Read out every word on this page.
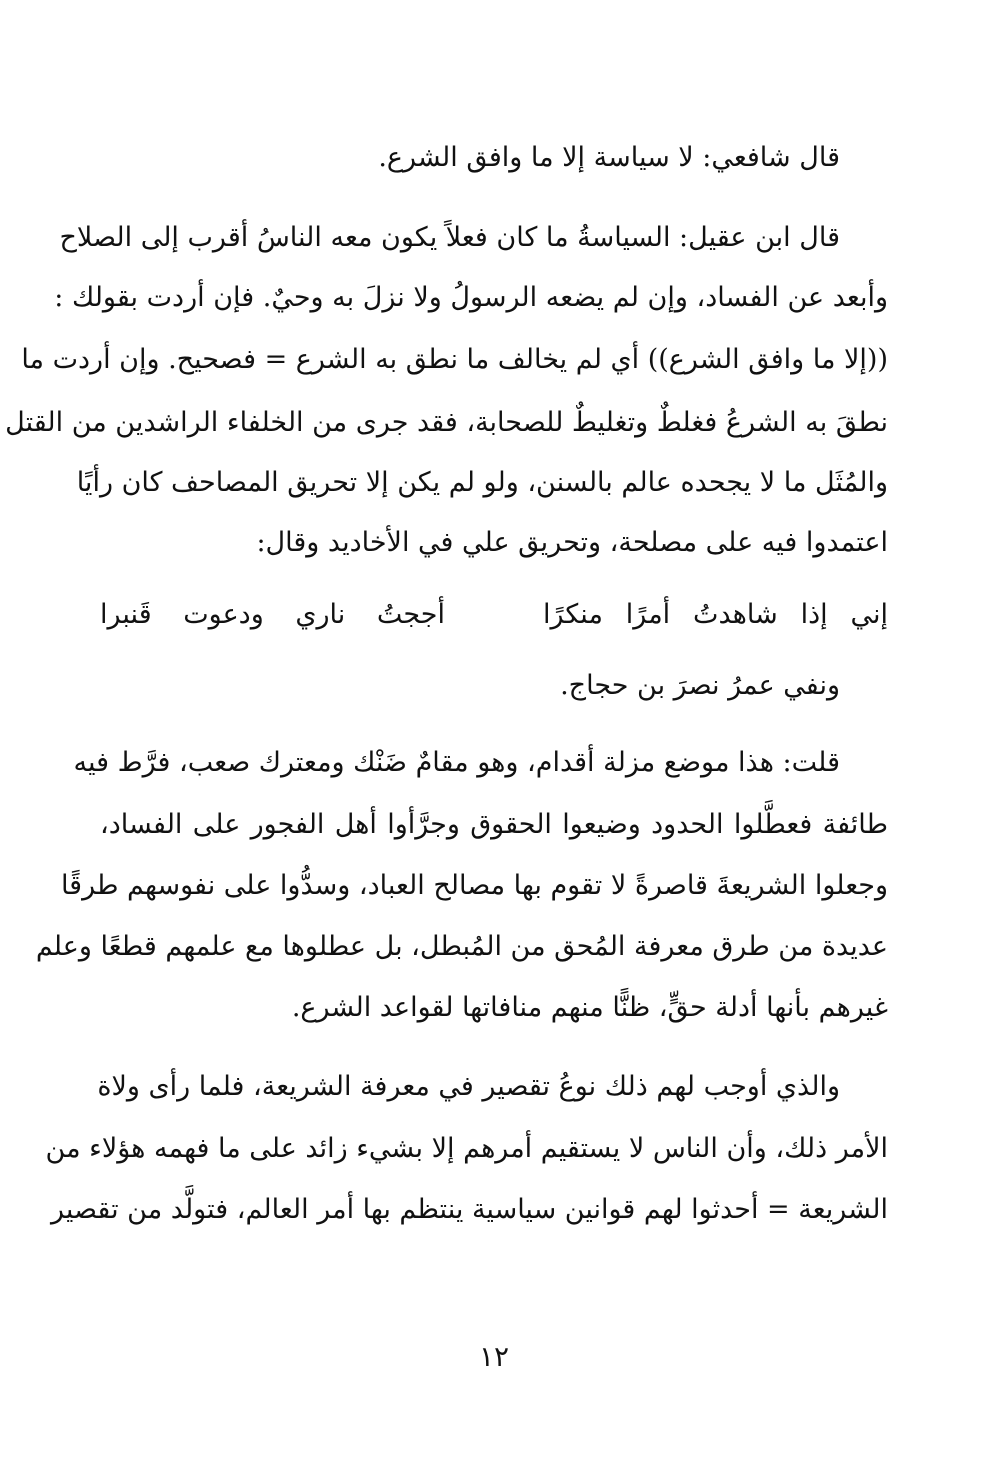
قال شافعي: لا سياسة إلا ما وافق الشرع.
قال ابن عقيل: السياسةُ ما كان فعلاً يكون معه الناسُ أقرب إلى الصلاح
وأبعد عن الفساد، وإن لم يضعه الرسولُ ولا نزلَ به وحيٌ. فإن أردت بقولك :
((إلا ما وافق الشرع)) أي لم يخالف ما نطق به الشرع = فصحيح. وإن أردت ما
نطقَ به الشرعُ فغلطٌ وتغليطٌ للصحابة، فقد جرى من الخلفاء الراشدين من القتل
والمُثَل ما لا يجحده عالم بالسنن، ولو لم يكن إلا تحريق المصاحف كان رأيًا
اعتمدوا فيه على مصلحة، وتحريق علي في الأخاديد وقال:
إني إذا شاهدتُ أمرًا منكرًا
أججتُ ناري ودعوت قَنبرا
ونفي عمرُ نصرَ بن حجاج.
قلت: هذا موضع مزلة أقدام، وهو مقامٌ ضَنْك ومعترك صعب، فرَّط فيه
طائفة فعطَّلوا الحدود وضيعوا الحقوق وجرَّأوا أهل الفجور على الفساد،
وجعلوا الشريعةَ قاصرةً لا تقوم بها مصالح العباد، وسدُّوا على نفوسهم طرقًا
عديدة من طرق معرفة المُحق من المُبطل، بل عطلوها مع علمهم قطعًا وعلم
غيرهم بأنها أدلة حقٍّ، ظنًّا منهم منافاتها لقواعد الشرع.
والذي أوجب لهم ذلك نوعُ تقصير في معرفة الشريعة، فلما رأى ولاة
الأمر ذلك، وأن الناس لا يستقيم أمرهم إلا بشيء زائد على ما فهمه هؤلاء من
الشريعة = أحدثوا لهم قوانين سياسية ينتظم بها أمر العالم، فتولَّد من تقصير
١٢
